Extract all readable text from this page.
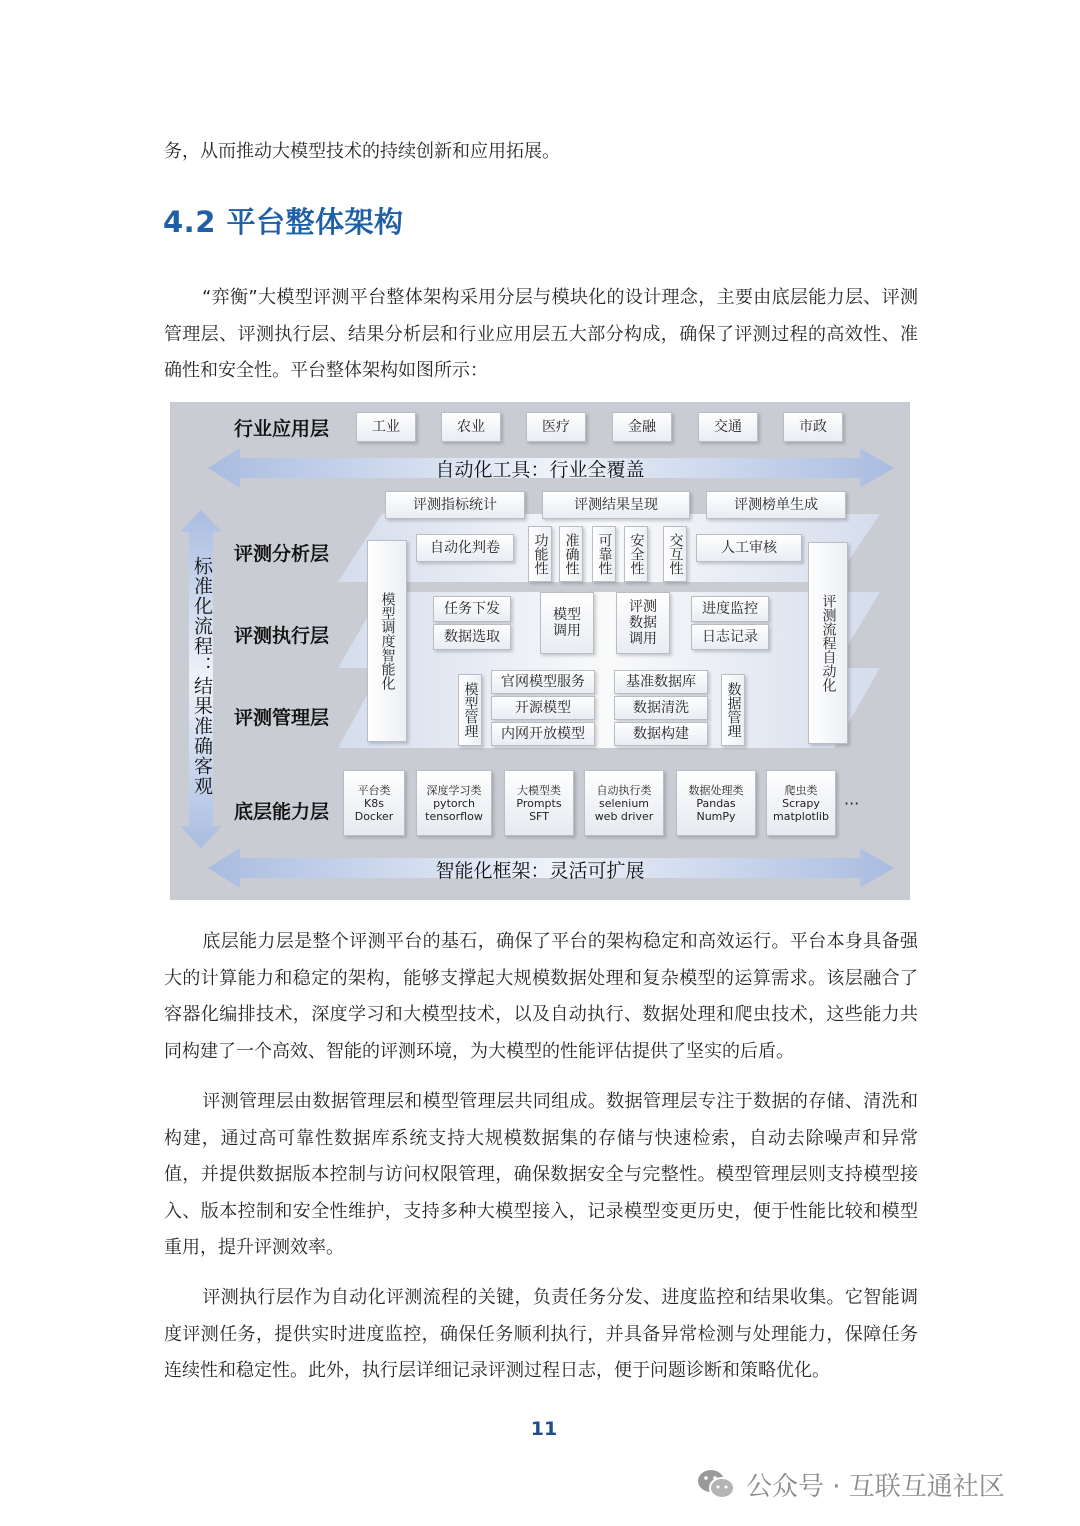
务，从而推动大模型技术的持续创新和应用拓展。
4.2 平台整体架构
“弈衡”大模型评测平台整体架构采用分层与模块化的设计理念，主要由底层能力层、评测管理层、评测执行层、结果分析层和行业应用层五大部分构成，确保了评测过程的高效性、准确性和安全性。平台整体架构如图所示：
标准化流程：结果准确客观
行业应用层	工业	农业	医疗	金融	交通	市政
自动化工具：行业全覆盖
评测指标统计	评测结果呈现	评测榜单生成
评测分析层	自动化判卷	功能性	准确性	可靠性	安全性	交互性	人工审核
模型调度智能化	评测流程自动化
评测执行层
任务下发
数据选取
模型调用
评测数据调用
进度监控
日志记录
评测管理层	模型管理	官网模型服务
开源模型
内网开放模型
基准数据库
数据清洗
数据构建	数据管理
底层能力层
平台类
K8s
Docker
深度学习类
pytorch
tensorflow
大模型类
Prompts
SFT
自动执行类
selenium
web driver
数据处理类
Pandas
NumPy
爬虫类
Scrapy
matplotlib
···
智能化框架：灵活可扩展
底层能力层是整个评测平台的基石，确保了平台的架构稳定和高效运行。平台本身具备强大的计算能力和稳定的架构，能够支撑起大规模数据处理和复杂模型的运算需求。该层融合了容器化编排技术，深度学习和大模型技术，以及自动执行、数据处理和爬虫技术，这些能力共同构建了一个高效、智能的评测环境，为大模型的性能评估提供了坚实的后盾。
评测管理层由数据管理层和模型管理层共同组成。数据管理层专注于数据的存储、清洗和构建，通过高可靠性数据库系统支持大规模数据集的存储与快速检索，自动去除噪声和异常值，并提供数据版本控制与访问权限管理，确保数据安全与完整性。模型管理层则支持模型接入、版本控制和安全性维护，支持多种大模型接入，记录模型变更历史，便于性能比较和模型重用，提升评测效率。
评测执行层作为自动化评测流程的关键，负责任务分发、进度监控和结果收集。它智能调度评测任务，提供实时进度监控，确保任务顺利执行，并具备异常检测与处理能力，保障任务连续性和稳定性。此外，执行层详细记录评测过程日志，便于问题诊断和策略优化。
11
公众号 · 互联互通社区
